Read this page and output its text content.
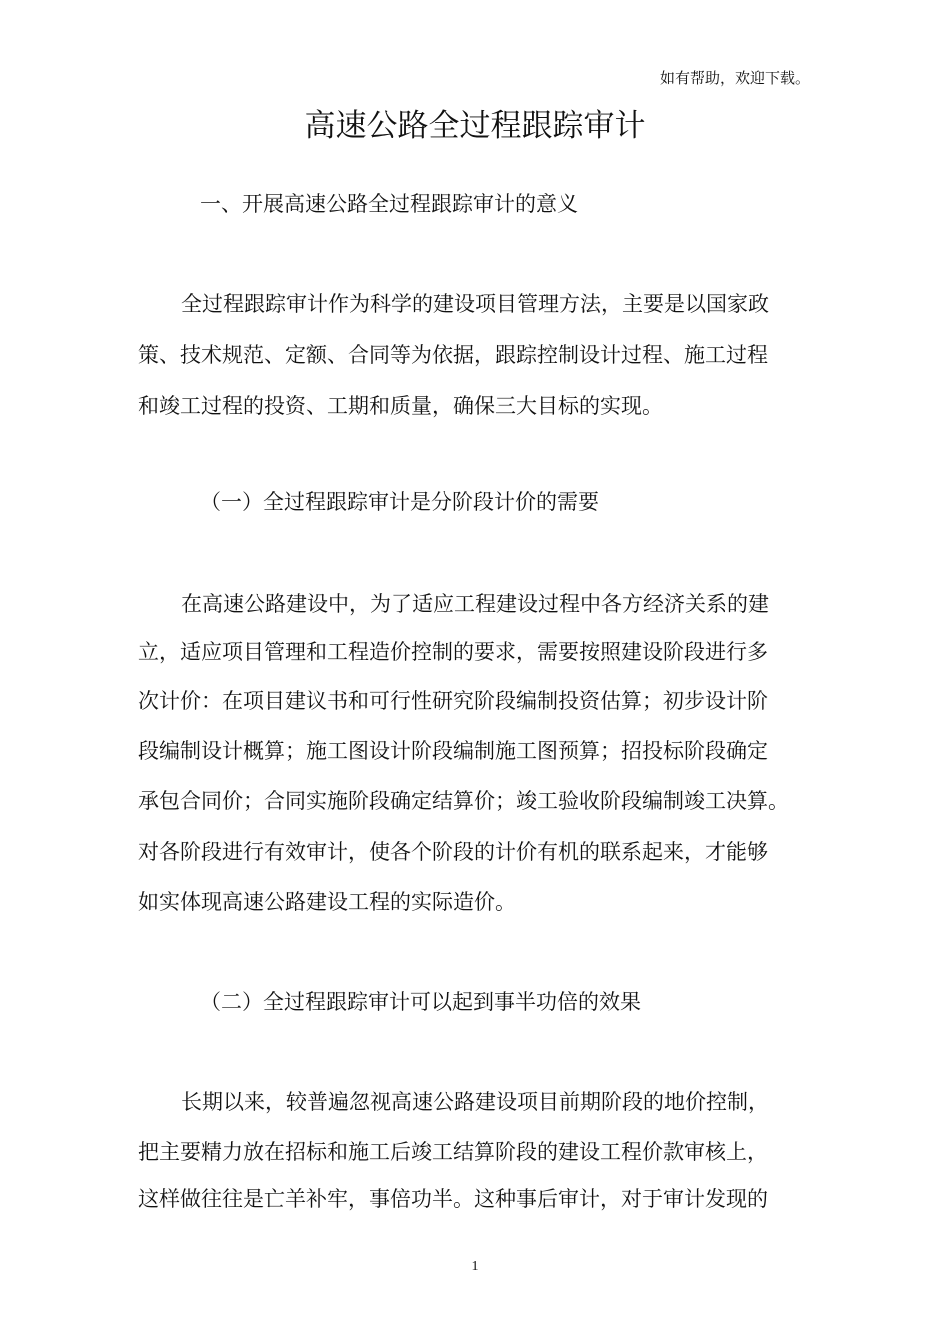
如有帮助，欢迎下载。
高速公路全过程跟踪审计
一、开展高速公路全过程跟踪审计的意义
全过程跟踪审计作为科学的建设项目管理方法，主要是以国家政
策、技术规范、定额、合同等为依据，跟踪控制设计过程、施工过程
和竣工过程的投资、工期和质量，确保三大目标的实现。
（一）全过程跟踪审计是分阶段计价的需要
在高速公路建设中，为了适应工程建设过程中各方经济关系的建
立，适应项目管理和工程造价控制的要求，需要按照建设阶段进行多
次计价：在项目建议书和可行性研究阶段编制投资估算；初步设计阶
段编制设计概算；施工图设计阶段编制施工图预算；招投标阶段确定
承包合同价；合同实施阶段确定结算价；竣工验收阶段编制竣工决算。
对各阶段进行有效审计，使各个阶段的计价有机的联系起来，才能够
如实体现高速公路建设工程的实际造价。
（二）全过程跟踪审计可以起到事半功倍的效果
长期以来，较普遍忽视高速公路建设项目前期阶段的地价控制，
把主要精力放在招标和施工后竣工结算阶段的建设工程价款审核上，
这样做往往是亡羊补牢，事倍功半。这种事后审计，对于审计发现的
1
